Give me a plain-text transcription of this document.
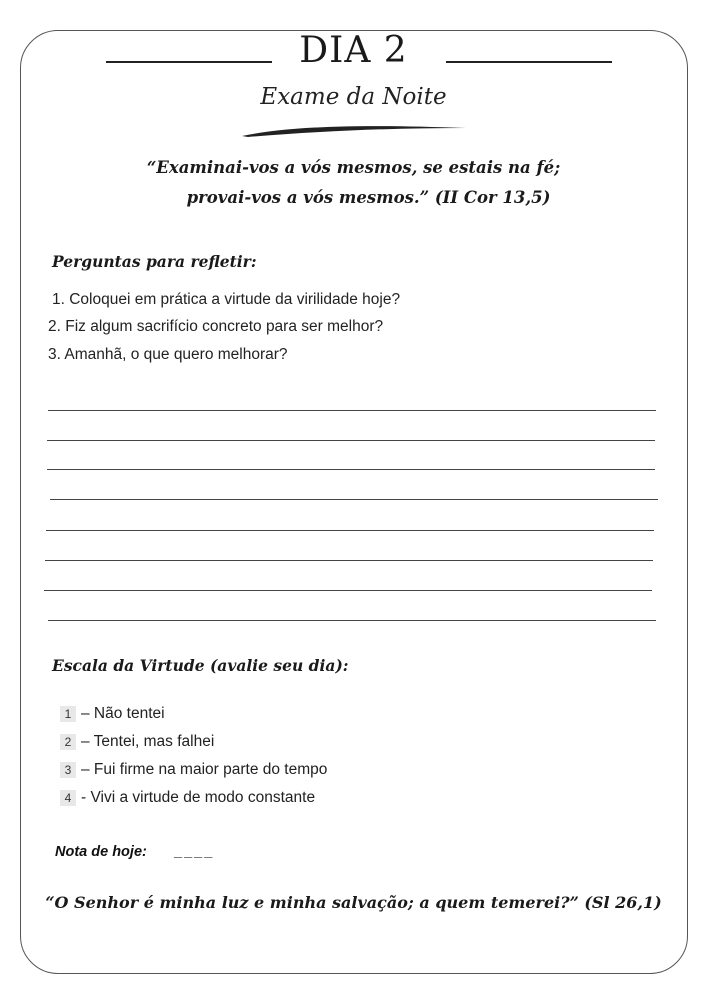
DIA 2
Exame da Noite
“Examinai-vos a vós mesmos, se estais na fé;
provai-vos a vós mesmos.” (II Cor 13,5)
Perguntas para refletir:
1. Coloquei em prática a virtude da virilidade hoje?
2. Fiz algum sacrifício concreto para ser melhor?
3. Amanhã, o que quero melhorar?
Escala da Virtude (avalie seu dia):
1 – Não tentei
2 – Tentei, mas falhei
3 – Fui firme na maior parte do tempo
4 - Vivi a virtude de modo constante
Nota de hoje: ____
“O Senhor é minha luz e minha salvação; a quem temerei?” (Sl 26,1)
